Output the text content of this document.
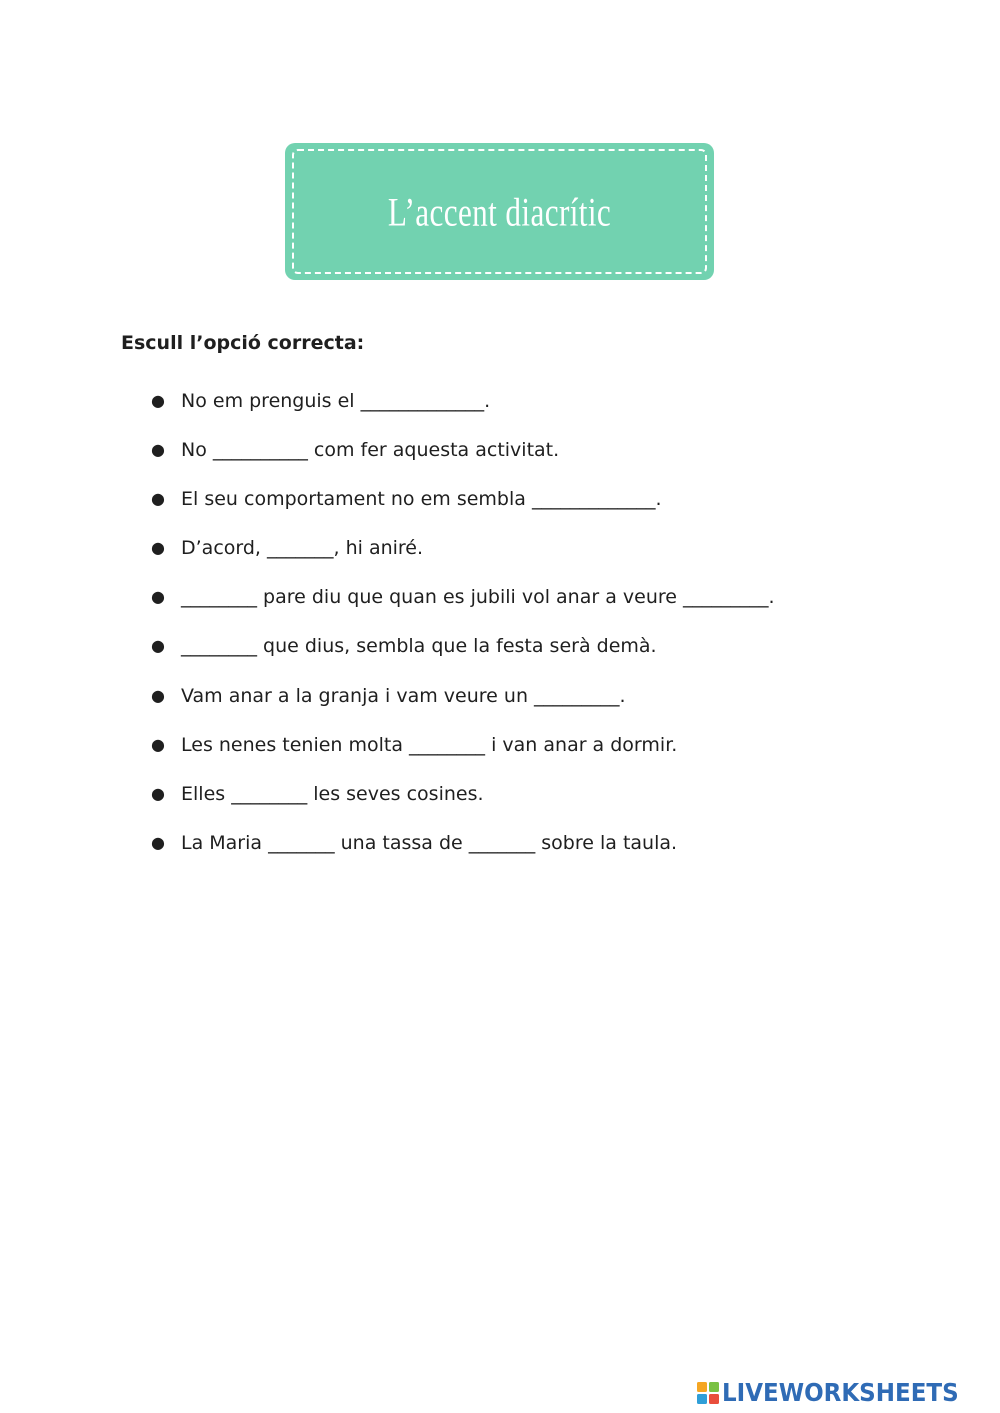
L’accent diacrític

Escull l’opció correcta:

● No em prenguis el _____________.
● No __________ com fer aquesta activitat.
● El seu comportament no em sembla _____________.
● D’acord, _______, hi aniré.
● ________ pare diu que quan es jubili vol anar a veure _________.
● ________ que dius, sembla que la festa serà demà.
● Vam anar a la granja i vam veure un _________.
● Les nenes tenien molta ________ i van anar a dormir.
● Elles ________ les seves cosines.
● La Maria _______ una tassa de _______ sobre la taula.
LIVEWORKSHEETS
